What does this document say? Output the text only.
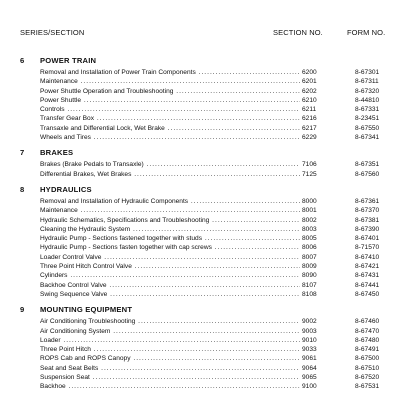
SERIES/SECTION	SECTION NO.	FORM NO.
6 POWER TRAIN
Removal and Installation of Power Train Components .....	6200	8-67301
Maintenance .....	6201	8-67311
Power Shuttle Operation and Troubleshooting .....	6202	8-67320
Power Shuttle .....	6210	8-44810
Controls .....	6211	8-67331
Transfer Gear Box .....	6216	8-23451
Transaxle and Differential Lock, Wet Brake .....	6217	8-67550
Wheels and Tires .....	6229	8-67341
7 BRAKES
Brakes (Brake Pedals to Transaxle) .....	7106	8-67351
Differential Brakes, Wet Brakes .....	7125	8-67560
8 HYDRAULICS
Removal and Installation of Hydraulic Components .....	8000	8-67361
Maintenance .....	8001	8-67370
Hydraulic Schematics, Specifications and Troubleshooting .....	8002	8-67381
Cleaning the Hydraulic System .....	8003	8-67390
Hydraulic Pump - Sections fastened together with studs .....	8005	8-67401
Hydraulic Pump - Sections fasten together with cap screws .....	8006	8-71570
Loader Control Valve .....	8007	8-67410
Three Point Hitch Control Valve .....	8009	8-67421
Cylinders .....	8090	8-67431
Backhoe Control Valve .....	8107	8-67441
Swing Sequence Valve .....	8108	8-67450
9 MOUNTING EQUIPMENT
Air Conditioning Troubleshooting .....	9002	8-67460
Air Conditioning System .....	9003	8-67470
Loader .....	9010	8-67480
Three Point Hitch .....	9033	8-67491
ROPS Cab and ROPS Canopy .....	9061	8-67500
Seat and Seat Belts .....	9064	8-67510
Suspension Seat .....	9065	8-67520
Backhoe .....	9100	8-67531
